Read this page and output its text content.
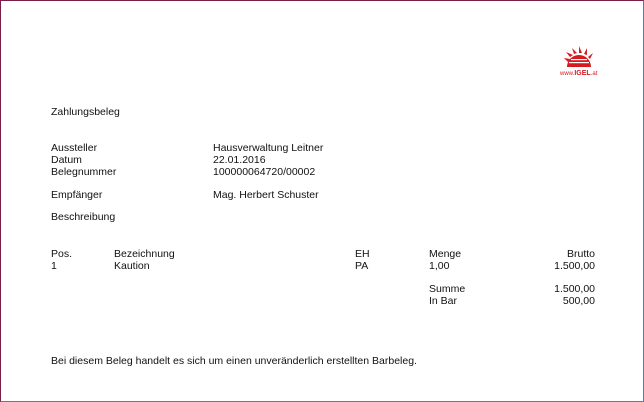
www.IGEL.at
Zahlungsbeleg
Aussteller	Hausverwaltung Leitner
Datum	22.01.2016
Belegnummer	100000064720/00002
Empfänger	Mag. Herbert Schuster
Beschreibung
Pos.	Bezeichnung	EH	Menge	Brutto
1	Kaution	PA	1,00	1.500,00
Summe	1.500,00
In Bar	500,00
Bei diesem Beleg handelt es sich um einen unveränderlich erstellten Barbeleg.
